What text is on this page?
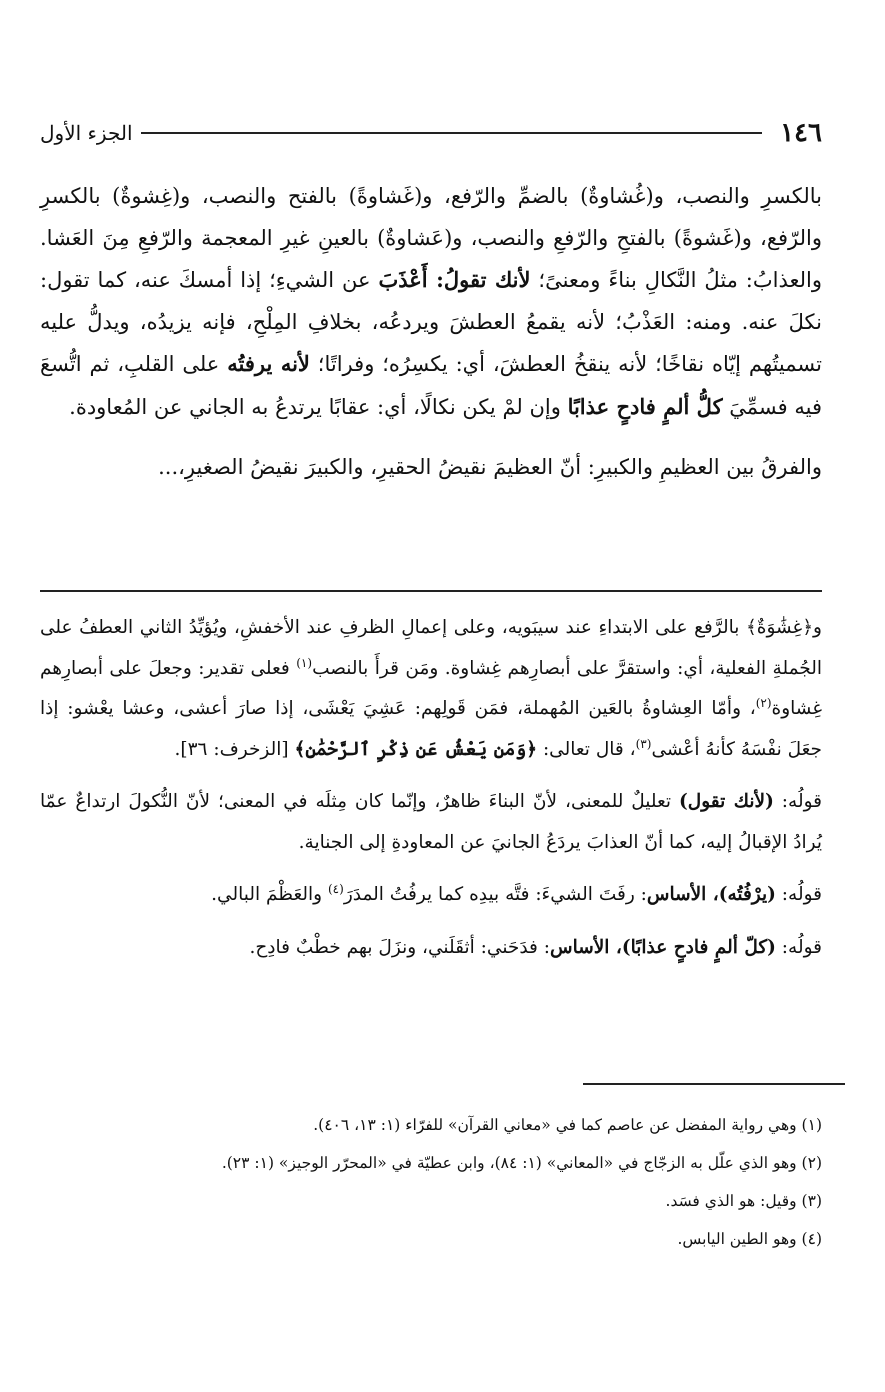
١٤٦
الجزء الأول

بالكسرِ والنصب، و(غُشاوةٌ) بالضمِّ والرّفع، و(غَشاوةً) بالفتح والنصب، و(غِشوةٌ) بالكسرِ والرّفع، و(غَشوةً) بالفتحِ والرّفعِ والنصب، و(عَشاوةٌ) بالعينِ غيرِ المعجمة والرّفعِ مِنَ العَشا. والعذابُ: مثلُ النَّكالِ بناءً ومعنىً؛ لأنك تقولُ: أَعْذَبَ عن الشيءِ؛ إذا أمسكَ عنه، كما تقول: نكلَ عنه. ومنه: العَذْبُ؛ لأنه يقمعُ العطشَ ويردعُه، بخلافِ المِلْحِ، فإنه يزيدُه، ويدلُّ عليه تسميتُهم إيّاه نقاخًا؛ لأنه ينقخُ العطشَ، أي: يكسِرُه؛ وفراتًا؛ لأنه يرفتُه على القلبِ، ثم اتُّسعَ فيه فسمِّيَ كلُّ ألمٍ فادحٍ عذابًا وإن لمْ يكن نكالًا، أي: عقابًا يرتدعُ به الجاني عن المُعاودة.

والفرقُ بين العظيمِ والكبيرِ: أنّ العظيمَ نقيضُ الحقيرِ، والكبيرَ نقيضُ الصغيرِ،...

و﴿غِشَٰوَةٌ﴾ بالرَّفع على الابتداءِ عند سيبَويه، وعلى إعمالِ الظرفِ عند الأخفشِ، ويُؤيِّدُ الثاني العطفُ على الجُملةِ الفعلية، أي: واستقرَّ على أبصارِهم غِشاوة. ومَن قرأَ بالنصب$^{(١)}$ فعلى تقدير: وجعلَ على أبصارِهم غِشاوة$^{(٢)}$، وأمّا العِشاوةُ بالعَين المُهملة، فمَن قَولِهم: عَشِيَ يَعْشَى، إذا صارَ أعشى، وعشا يعْشو: إذا جعَلَ نفْسَهُ كأنهُ أعْشى$^{(٣)}$، قال تعالى: ﴿وَمَن يَعْشُ عَن ذِكْرِ ٱلرَّحْمَٰنِ﴾ [الزخرف: ٣٦].

قولُه: (لأنك تقول) تعليلٌ للمعنى، لأنّ البناءَ ظاهرٌ، وإنّما كان مِثلَه في المعنى؛ لأنّ النُّكولَ ارتداعٌ عمّا يُرادُ الإقبالُ إليه، كما أنّ العذابَ يردَعُ الجانيَ عن المعاودةِ إلى الجناية.

قولُه: (يرْفُتُه)، الأساس: رفَتَ الشيءَ: فتَّه بيدِه كما يرفُتُ المدَرَ$^{(٤)}$ والعَظْمَ البالي.

قولُه: (كلّ ألمٍ فادحٍ عذابًا)، الأساس: فدَحَني: أثقَلَني، ونزَلَ بهم خطْبٌ فادِح.

(١) وهي رواية المفضل عن عاصم كما في «معاني القرآن» للفرّاء (١: ١٣، ٤٠٦).
(٢) وهو الذي علّل به الزجّاج في «المعاني» (١: ٨٤)، وابن عطيّة في «المحرّر الوجيز» (١: ٢٣).
(٣) وقيل: هو الذي فسَد.
(٤) وهو الطين اليابس.
